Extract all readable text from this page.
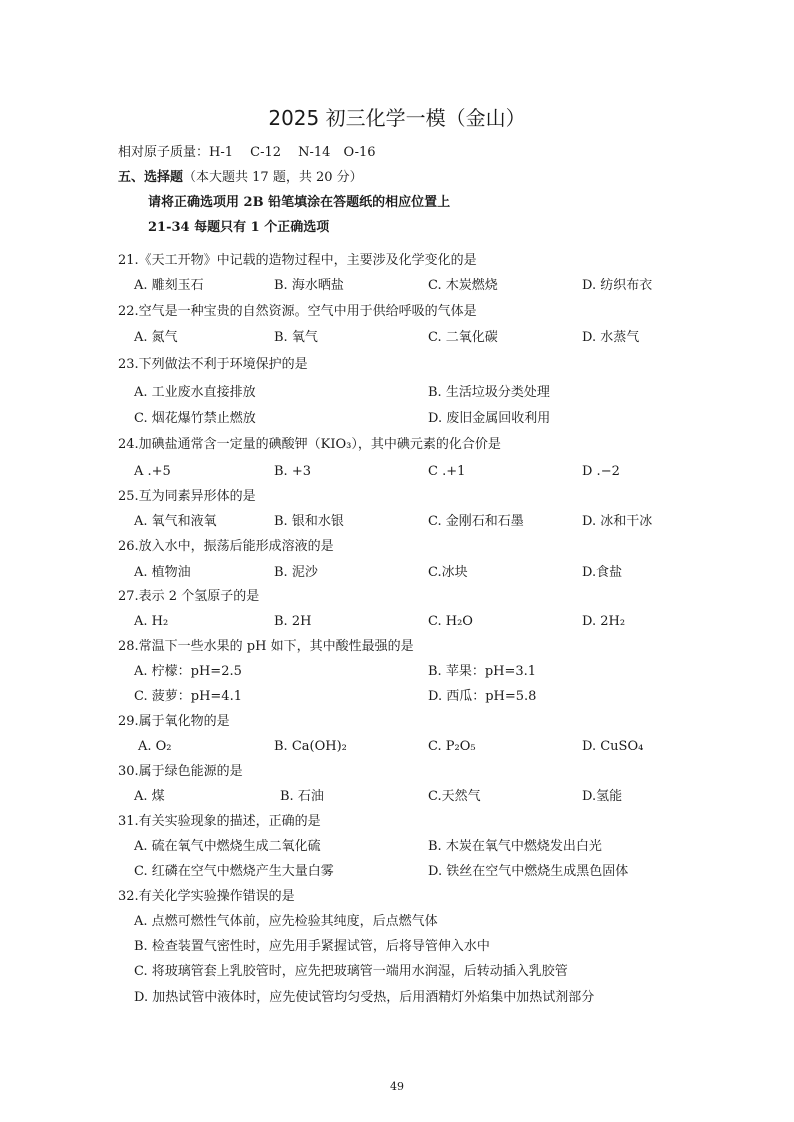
2025 初三化学一模（金山）
相对原子质量：H-1　 C-12　 N-14　O-16
五、选择题（本大题共 17 题，共 20 分）
请将正确选项用 2B 铅笔填涂在答题纸的相应位置上
21-34 每题只有 1 个正确选项
21.《天工开物》中记载的造物过程中，主要涉及化学变化的是
A. 雕刻玉石	B. 海水晒盐	C. 木炭燃烧	D. 纺织布衣
22.空气是一种宝贵的自然资源。空气中用于供给呼吸的气体是
A. 氮气	B. 氧气	C. 二氧化碳	D. 水蒸气
23.下列做法不利于环境保护的是
A. 工业废水直接排放	B. 生活垃圾分类处理
C. 烟花爆竹禁止燃放	D. 废旧金属回收利用
24.加碘盐通常含一定量的碘酸钾（KIO₃），其中碘元素的化合价是
A .+5	B. +3	C .+1	D .−2
25.互为同素异形体的是
A. 氧气和液氧	B. 银和水银	C. 金刚石和石墨	D. 冰和干冰
26.放入水中，振荡后能形成溶液的是
A. 植物油	B. 泥沙	C.冰块	D.食盐
27.表示 2 个氢原子的是
A. H₂	B. 2H	C. H₂O	D. 2H₂
28.常温下一些水果的 pH 如下，其中酸性最强的是
A. 柠檬：pH=2.5	B. 苹果：pH=3.1
C. 菠萝：pH=4.1	D. 西瓜：pH=5.8
29.属于氧化物的是
A. O₂	B. Ca(OH)₂	C. P₂O₅	D. CuSO₄
30.属于绿色能源的是
A. 煤	B. 石油	C.天然气	D.氢能
31.有关实验现象的描述，正确的是
A. 硫在氧气中燃烧生成二氧化硫	B. 木炭在氧气中燃烧发出白光
C. 红磷在空气中燃烧产生大量白雾	D. 铁丝在空气中燃烧生成黑色固体
32.有关化学实验操作错误的是
A. 点燃可燃性气体前，应先检验其纯度，后点燃气体
B. 检查装置气密性时，应先用手紧握试管，后将导管伸入水中
C. 将玻璃管套上乳胶管时，应先把玻璃管一端用水润湿，后转动插入乳胶管
D. 加热试管中液体时，应先使试管均匀受热，后用酒精灯外焰集中加热试剂部分
49
